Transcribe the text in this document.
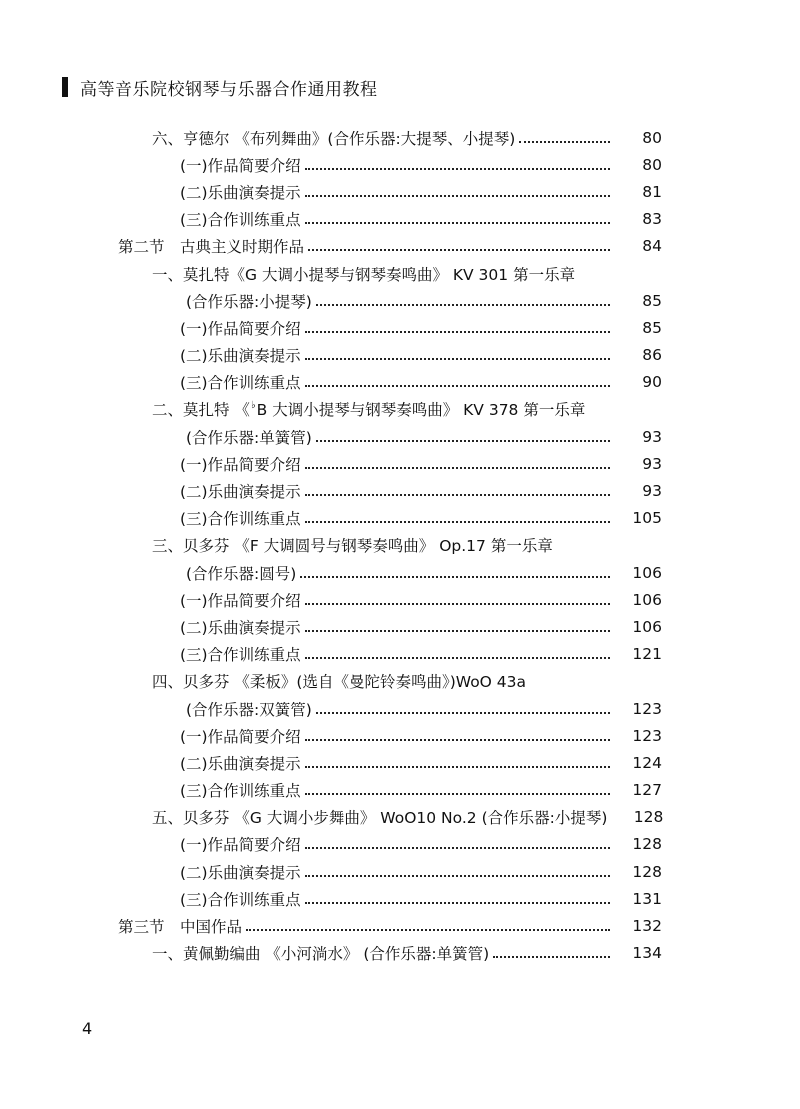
高等音乐院校钢琴与乐器合作通用教程
六、亨德尔 《布列舞曲》(合作乐器:大提琴、小提琴)	80
(一)作品简要介绍	80
(二)乐曲演奏提示	81
(三)合作训练重点	83
第二节　古典主义时期作品	84
一、莫扎特《G 大调小提琴与钢琴奏鸣曲》 KV 301 第一乐章
(合作乐器:小提琴)	85
(一)作品简要介绍	85
(二)乐曲演奏提示	86
(三)合作训练重点	90
二、莫扎特 《♭B 大调小提琴与钢琴奏鸣曲》 KV 378 第一乐章
(合作乐器:单簧管)	93
(一)作品简要介绍	93
(二)乐曲演奏提示	93
(三)合作训练重点	105
三、贝多芬 《F 大调圆号与钢琴奏鸣曲》 Op.17 第一乐章
(合作乐器:圆号)	106
(一)作品简要介绍	106
(二)乐曲演奏提示	106
(三)合作训练重点	121
四、贝多芬 《柔板》(选自《曼陀铃奏鸣曲》)WoO 43a
(合作乐器:双簧管)	123
(一)作品简要介绍	123
(二)乐曲演奏提示	124
(三)合作训练重点	127
五、贝多芬 《G 大调小步舞曲》 WoO10 No.2 (合作乐器:小提琴)	128
(一)作品简要介绍	128
(二)乐曲演奏提示	128
(三)合作训练重点	131
第三节　中国作品	132
一、黄佩勤编曲 《小河淌水》 (合作乐器:单簧管)	134
4
